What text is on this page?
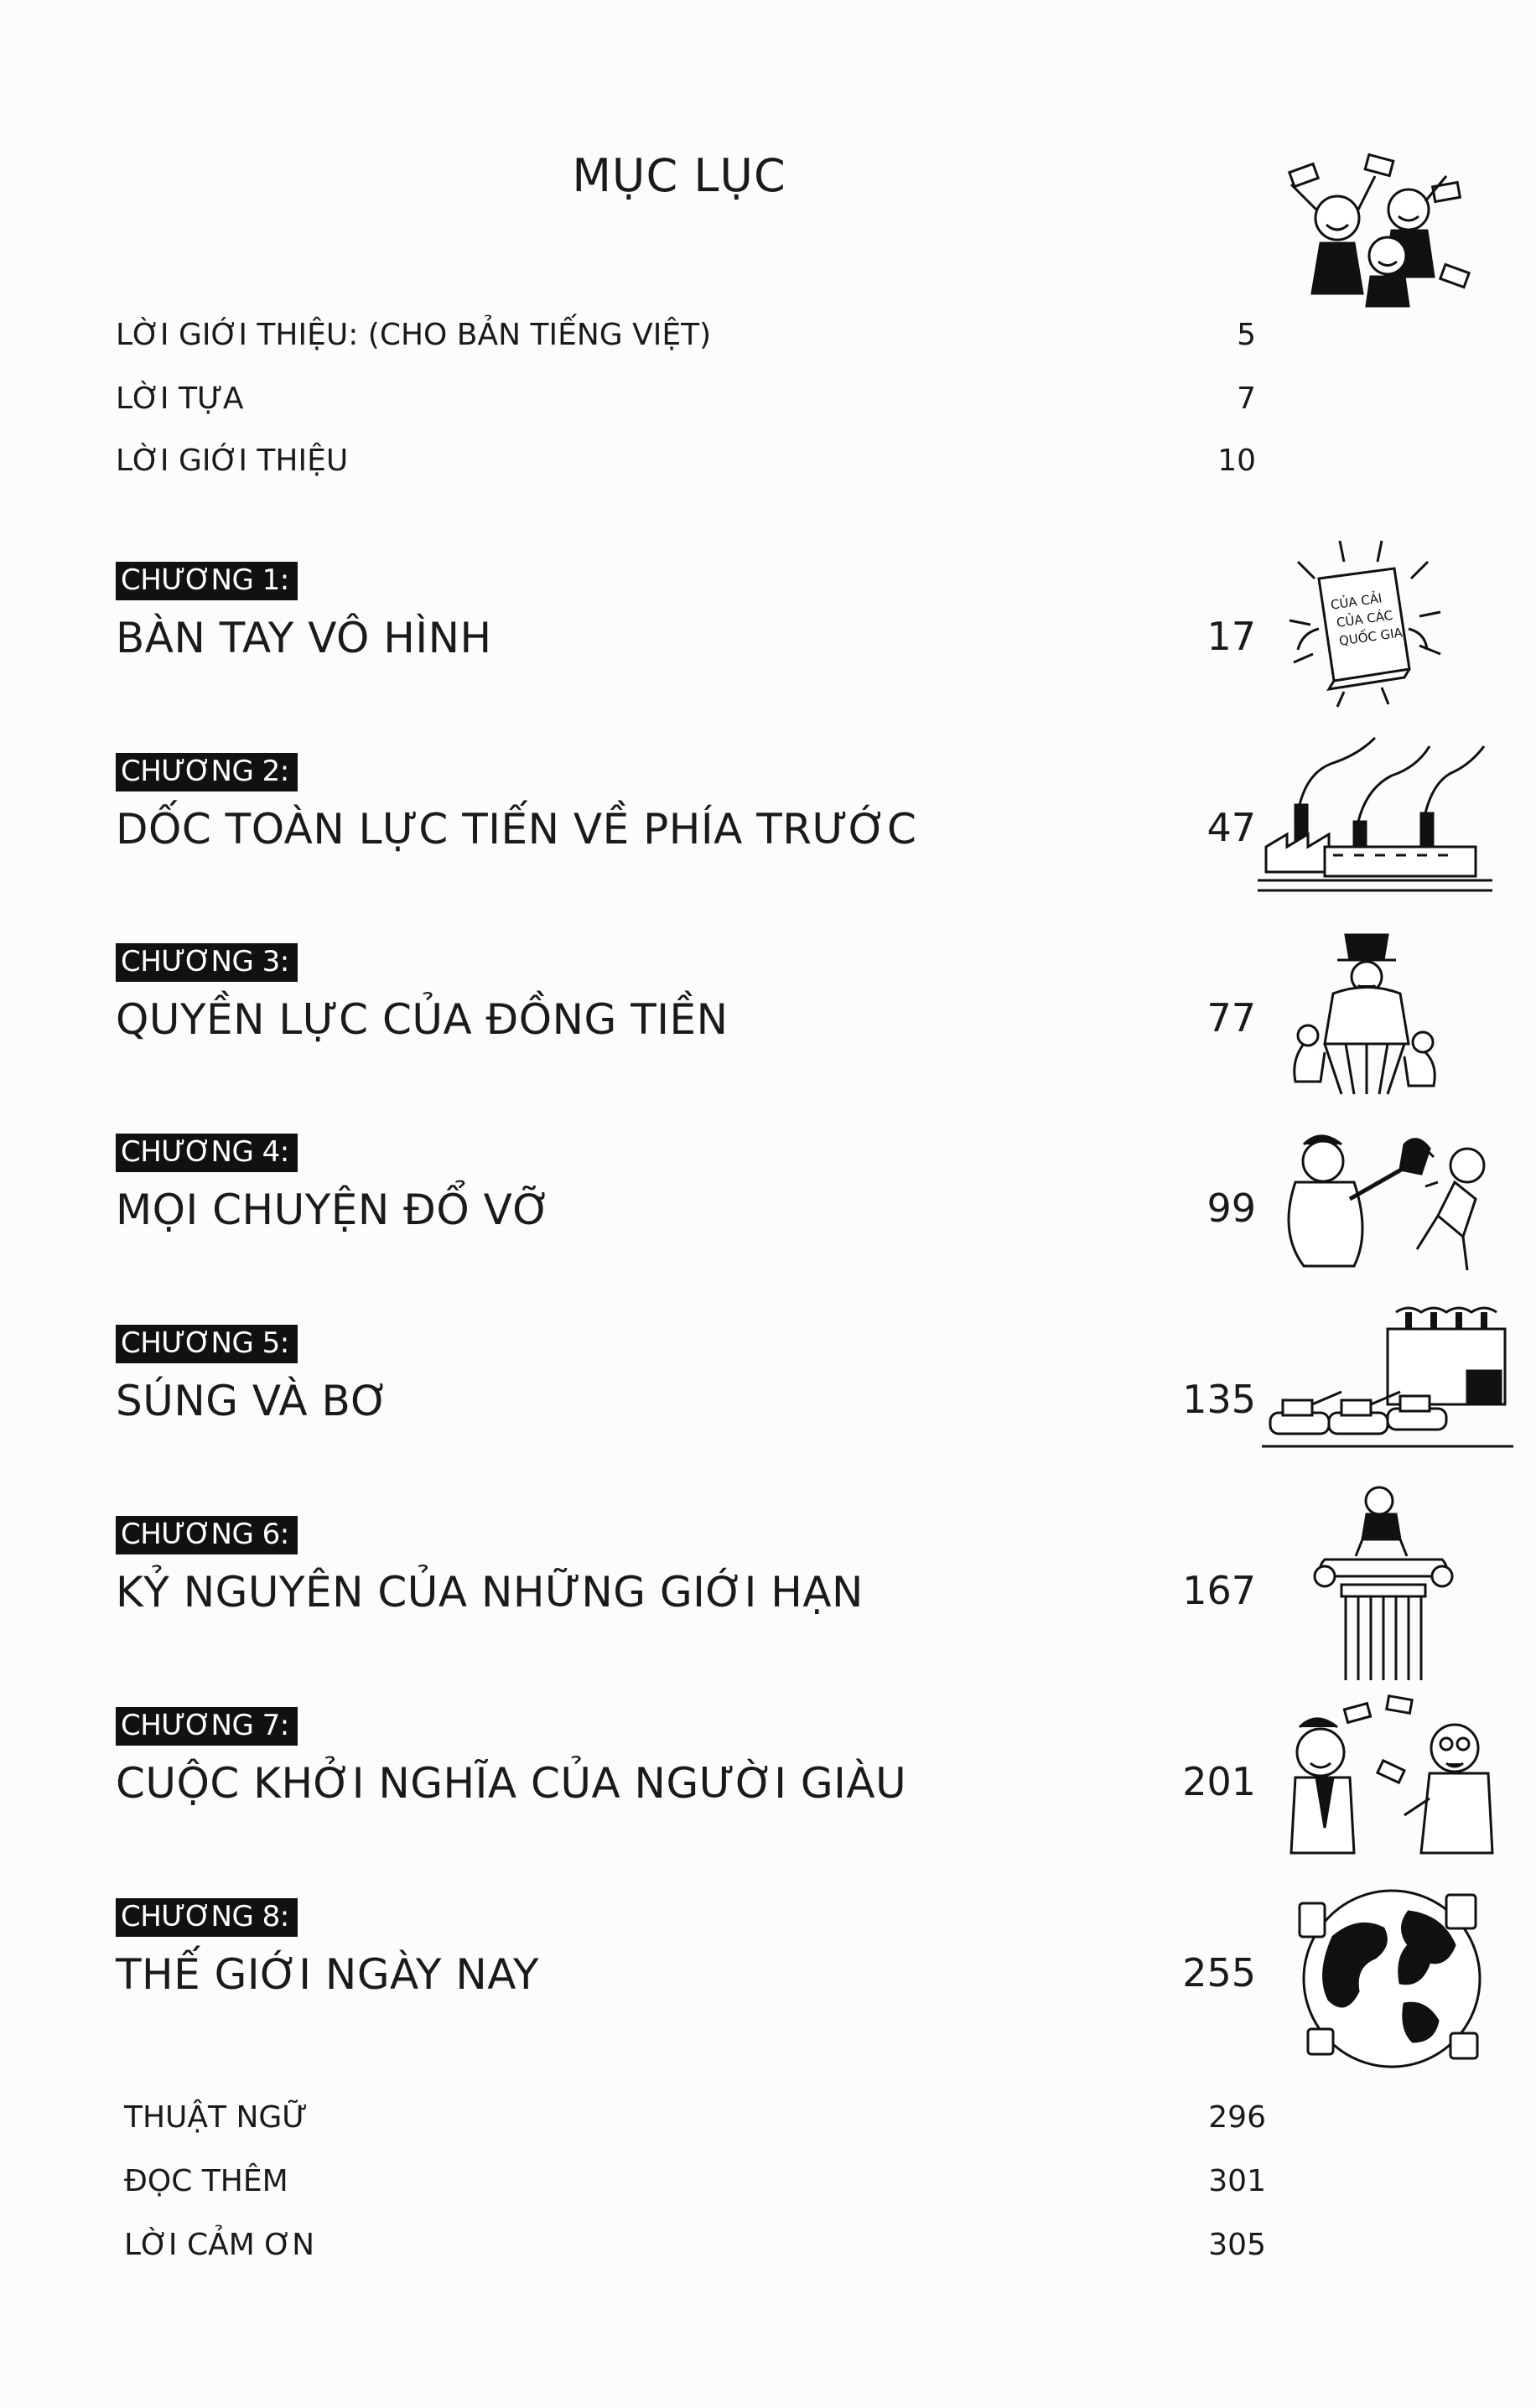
MỤC LỤC
LỜI GIỚI THIỆU: (CHO BẢN TIẾNG VIỆT)	5
LỜI TỰA	7
LỜI GIỚI THIỆU	10
CHƯƠNG 1:
BÀN TAY VÔ HÌNH	17
CHƯƠNG 2:
DỐC TOÀN LỰC TIẾN VỀ PHÍA TRƯỚC	47
CHƯƠNG 3:
QUYỀN LỰC CỦA ĐỒNG TIỀN	77
CHƯƠNG 4:
MỌI CHUYỆN ĐỔ VỠ	99
CHƯƠNG 5:
SÚNG VÀ BƠ	135
CHƯƠNG 6:
KỶ NGUYÊN CỦA NHỮNG GIỚI HẠN	167
CHƯƠNG 7:
CUỘC KHỞI NGHĨA CỦA NGƯỜI GIÀU	201
CHƯƠNG 8:
THẾ GIỚI NGÀY NAY	255
THUẬT NGỮ	296
ĐỌC THÊM	301
LỜI CẢM ƠN	305
CỦA CẢI
CỦA CÁC
QUỐC GIA
